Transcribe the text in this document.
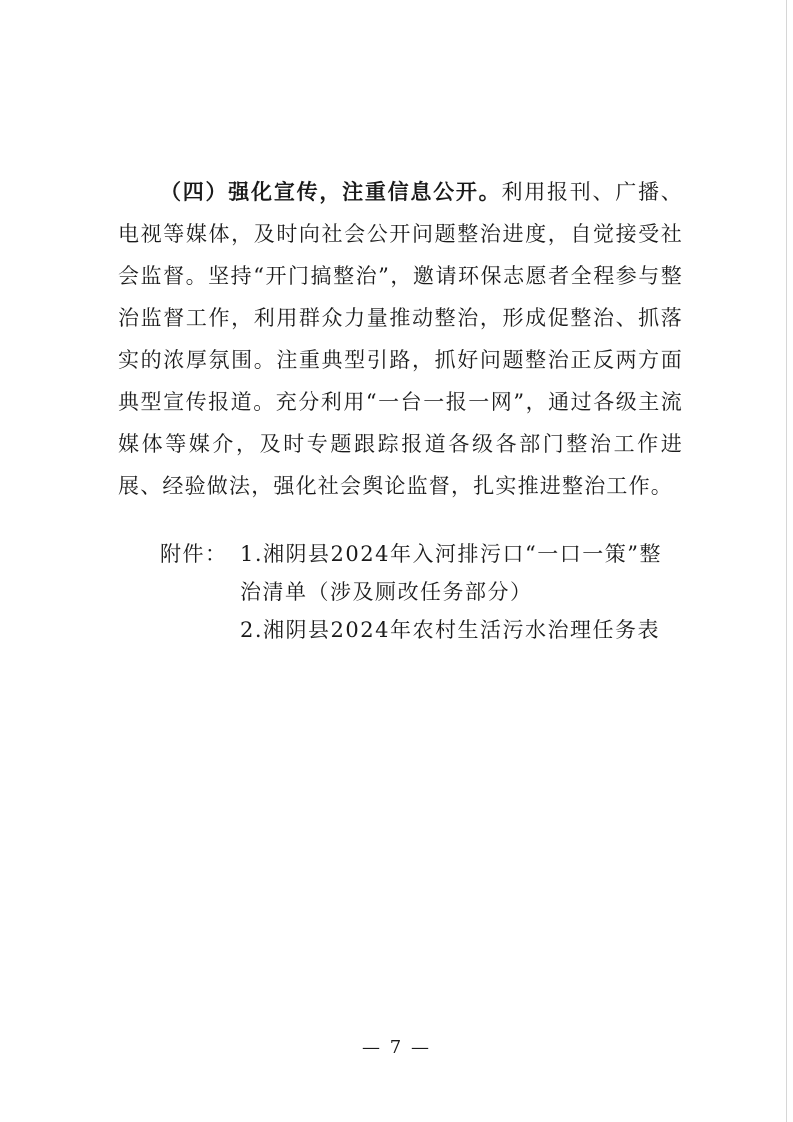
（四）强化宣传，注重信息公开。利用报刊、广播、电视等媒体，及时向社会公开问题整治进度，自觉接受社会监督。坚持“开门搞整治”，邀请环保志愿者全程参与整治监督工作，利用群众力量推动整治，形成促整治、抓落实的浓厚氛围。注重典型引路，抓好问题整治正反两方面典型宣传报道。充分利用“一台一报一网”，通过各级主流媒体等媒介，及时专题跟踪报道各级各部门整治工作进展、经验做法，强化社会舆论监督，扎实推进整治工作。

附件： 1.湘阴县2024年入河排污口“一口一策”整
治清单（涉及厕改任务部分）
2.湘阴县2024年农村生活污水治理任务表
— 7 —
